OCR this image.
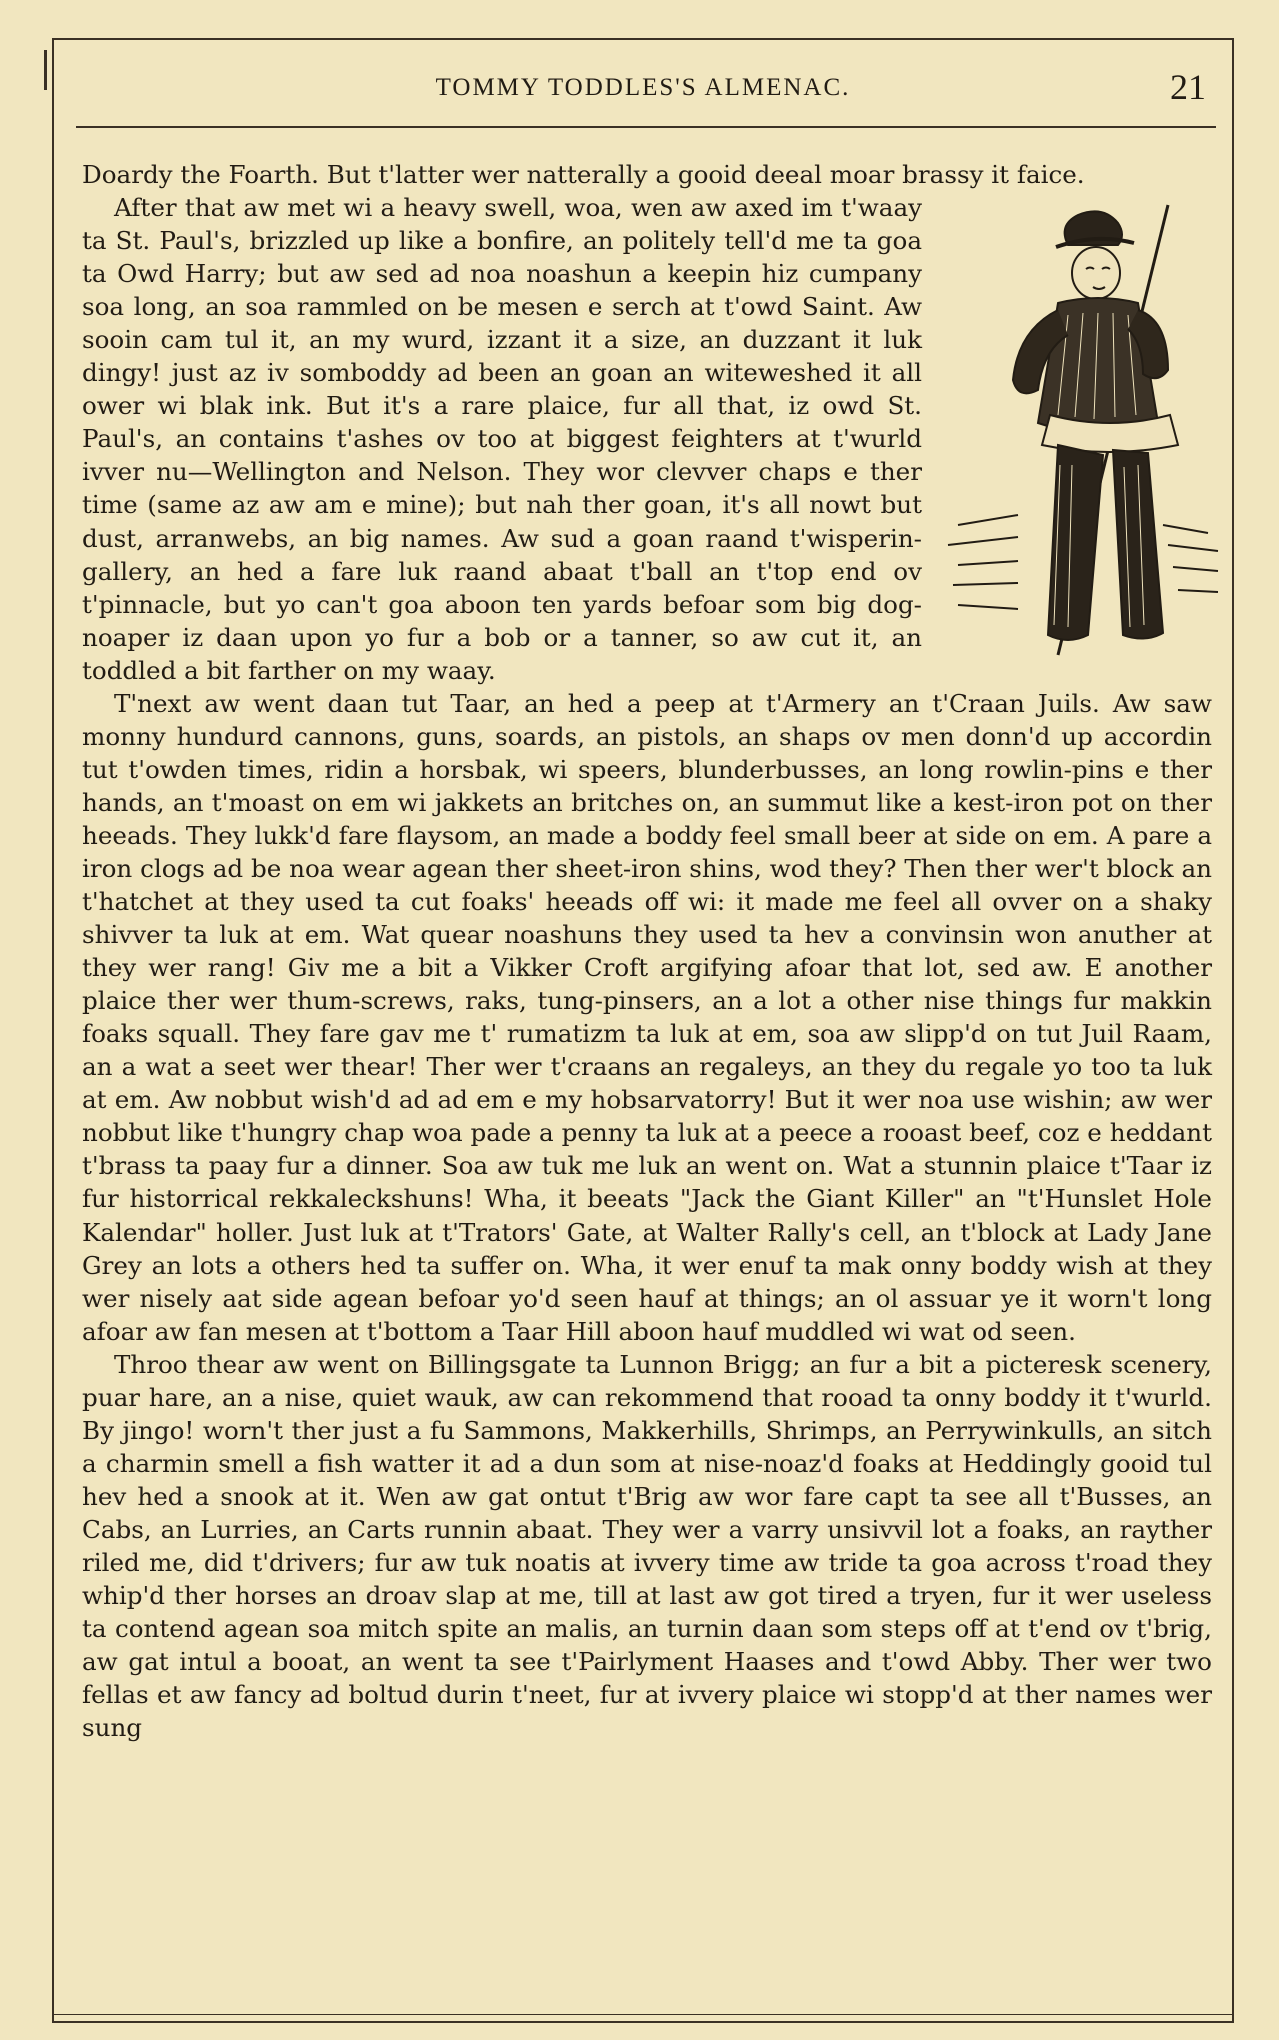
TOMMY TODDLES'S ALMENAC.	21

Doardy the Foarth. But t'latter wer natterally a gooid deeal moar brassy it faice.

After that aw met wi a heavy swell, woa, wen aw axed im t'waay ta St. Paul's, brizzled up like a bonfire, an politely tell'd me ta goa ta Owd Harry; but aw sed ad noa noashun a keepin hiz cumpany soa long, an soa rammled on be mesen e serch at t'owd Saint. Aw sooin cam tul it, an my wurd, izzant it a size, an duzzant it luk dingy! just az iv somboddy ad been an goan an witeweshed it all ower wi blak ink. But it's a rare plaice, fur all that, iz owd St. Paul's, an contains t'ashes ov too at biggest feighters at t'wurld ivver nu—Wellington and Nelson. They wor clevver chaps e ther time (same az aw am e mine); but nah ther goan, it's all nowt but dust, arranwebs, an big names. Aw sud a goan raand t'wisperin-gallery, an hed a fare luk raand abaat t'ball an t'top end ov t'pinnacle, but yo can't goa aboon ten yards befoar som big dog-noaper iz daan upon yo fur a bob or a tanner, so aw cut it, an toddled a bit farther on my waay.

T'next aw went daan tut Taar, an hed a peep at t'Armery an t'Craan Juils. Aw saw monny hundurd cannons, guns, soards, an pistols, an shaps ov men donn'd up accordin tut t'owden times, ridin a horsbak, wi speers, blunderbusses, an long rowlin-pins e ther hands, an t'moast on em wi jakkets an britches on, an summut like a kest-iron pot on ther heeads. They lukk'd fare flaysom, an made a boddy feel small beer at side on em. A pare a iron clogs ad be noa wear agean ther sheet-iron shins, wod they? Then ther wer't block an t'hatchet at they used ta cut foaks' heeads off wi: it made me feel all ovver on a shaky shivver ta luk at em. Wat quear noashuns they used ta hev a convinsin won anuther at they wer rang! Giv me a bit a Vikker Croft argifying afoar that lot, sed aw. E another plaice ther wer thum-screws, raks, tung-pinsers, an a lot a other nise things fur makkin foaks squall. They fare gav me t' rumatizm ta luk at em, soa aw slipp'd on tut Juil Raam, an a wat a seet wer thear! Ther wer t'craans an regaleys, an they du regale yo too ta luk at em. Aw nobbut wish'd ad ad em e my hobsarvatorry! But it wer noa use wishin; aw wer nobbut like t'hungry chap woa pade a penny ta luk at a peece a rooast beef, coz e heddant t'brass ta paay fur a dinner. Soa aw tuk me luk an went on. Wat a stunnin plaice t'Taar iz fur historrical rekkaleckshuns! Wha, it beeats "Jack the Giant Killer" an "t'Hunslet Hole Kalendar" holler. Just luk at t'Trators' Gate, at Walter Rally's cell, an t'block at Lady Jane Grey an lots a others hed ta suffer on. Wha, it wer enuf ta mak onny boddy wish at they wer nisely aat side agean befoar yo'd seen hauf at things; an ol assuar ye it worn't long afoar aw fan mesen at t'bottom a Taar Hill aboon hauf muddled wi wat od seen.

Throo thear aw went on Billingsgate ta Lunnon Brigg; an fur a bit a picteresk scenery, puar hare, an a nise, quiet wauk, aw can rekommend that rooad ta onny boddy it t'wurld. By jingo! worn't ther just a fu Sammons, Makkerhills, Shrimps, an Perrywinkulls, an sitch a charmin smell a fish watter it ad a dun som at nise-noaz'd foaks at Heddingly gooid tul hev hed a snook at it. Wen aw gat ontut t'Brig aw wor fare capt ta see all t'Busses, an Cabs, an Lurries, an Carts runnin abaat. They wer a varry unsivvil lot a foaks, an rayther riled me, did t'drivers; fur aw tuk noatis at ivvery time aw tride ta goa across t'road they whip'd ther horses an droav slap at me, till at last aw got tired a tryen, fur it wer useless ta contend agean soa mitch spite an malis, an turnin daan som steps off at t'end ov t'brig, aw gat intul a booat, an went ta see t'Pairlyment Haases and t'owd Abby. Ther wer two fellas et aw fancy ad boltud durin t'neet, fur at ivvery plaice wi stopp'd at ther names wer sung
